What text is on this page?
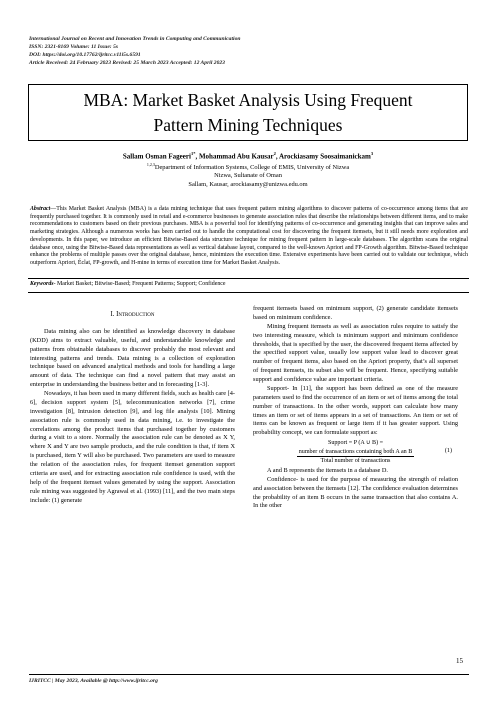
International Journal on Recent and Innovation Trends in Computing and Communication
ISSN: 2321-8169 Volume: 11 Issue: 5s
DOI: https://doi.org/10.17762/ijritcc.v11i5s.6591
Article Received: 24 February 2023 Revised: 25 March 2023 Accepted: 12 April 2023
MBA: Market Basket Analysis Using Frequent
Pattern Mining Techniques
Sallam Osman Fageeri$^{1*}$, Mohammad Abu Kausar$^2$, Arockiasamy Soosaimanickam$^3$
$^{1,2,3}$Department of Information Systems, College of EMIS, University of Nizwa
Nizwa, Sultanate of Oman
Sallam, Kausar, arockiasamy@unizwa.edu.om
Abstract—This Market Basket Analysis (MBA) is a data mining technique that uses frequent pattern mining algorithms to discover patterns of co-occurrence among items that are frequently purchased together. It is commonly used in retail and e-commerce businesses to generate association rules that describe the relationships between different items, and to make recommendations to customers based on their previous purchases. MBA is a powerful tool for identifying patterns of co-occurrence and generating insights that can improve sales and marketing strategies. Although a numerous works has been carried out to handle the computational cost for discovering the frequent itemsets, but it still needs more exploration and developments. In this paper, we introduce an efficient Bitwise-Based data structure technique for mining frequent pattern in large-scale databases. The algorithm scans the original database once, using the Bitwise-Based data representations as well as vertical database layout, compared to the well-known Apriori and FP-Growth algorithm. Bitwise-Based technique enhance the problems of multiple passes over the original database, hence, minimizes the execution time. Extensive experiments have been carried out to validate our technique, which outperform Apriori, Éclat, FP-growth, and H-mine in terms of execution time for Market Basket Analysis.
Keywords- Market Basket; Bitwise-Based; Frequent Patterns; Support; Confidence
I. Introduction

Data mining also can be identified as knowledge discovery in database (KDD) aims to extract valuable, useful, and understandable knowledge and patterns from obtainable databases to discover probably the most relevant and interesting patterns and trends. Data mining is a collection of exploration technique based on advanced analytical methods and tools for handling a large amount of data. The technique can find a novel pattern that may assist an enterprise in understanding the business better and in forecasting [1-3].

Nowadays, it has been used in many different fields, such as health care [4-6], decision support system [5], telecommunication networks [7], crime investigation [8], Intrusion detection [9], and log file analysis [10]. Mining association rule is commonly used in data mining, i.e. to investigate the correlations among the product items that purchased together by customers during a visit to a store. Normally the association rule can be denoted as X Y, where X and Y are two sample products, and the rule condition is that, if item X is purchased, item Y will also be purchased. Two parameters are used to measure the relation of the association rules, for frequent itemset generation support criteria are used, and for extracting association rule confidence is used, with the help of the frequent itemset values generated by using the support. Association rule mining was suggested by Agrawal et al. (1993) [11], and the two main steps include: (1) generate

frequent itemsets based on minimum support, (2) generate candidate itemsets based on minimum confidence.

Mining frequent itemsets as well as association rules require to satisfy the two interesting measure, which is minimum support and minimum confidence thresholds, that is specified by the user, the discovered frequent items affected by the specified support value, usually low support value lead to discover great number of frequent items, also based on the Apriori property, that’s all superset of frequent itemsets, its subset also will be frequent. Hence, specifying suitable support and confidence value are important criteria.

Support- In [11], the support has been defined as one of the measure parameters used to find the occurrence of an item or set of items among the total number of transactions. In the other words, support can calculate how many times an item or set of items appears in a set of transactions. An item or set of items can be known as frequent or large item if it has greater support. Using probability concept, we can formulate support as:

Support = P (A ∪ B) =
$\frac{\text{number of transactions containing both A an B}}{\text{Total number of transactions}}$	(1)

A and B represents the itemsets in a database D.

Confidence- is used for the purpose of measuring the strength of relation and association between the itemsets [12]. The confidence evaluation determines the probability of an item B occurs in the same transaction that also contains A. In the other

15
IJRITCC | May 2023, Available @ http://www.ijritcc.org
